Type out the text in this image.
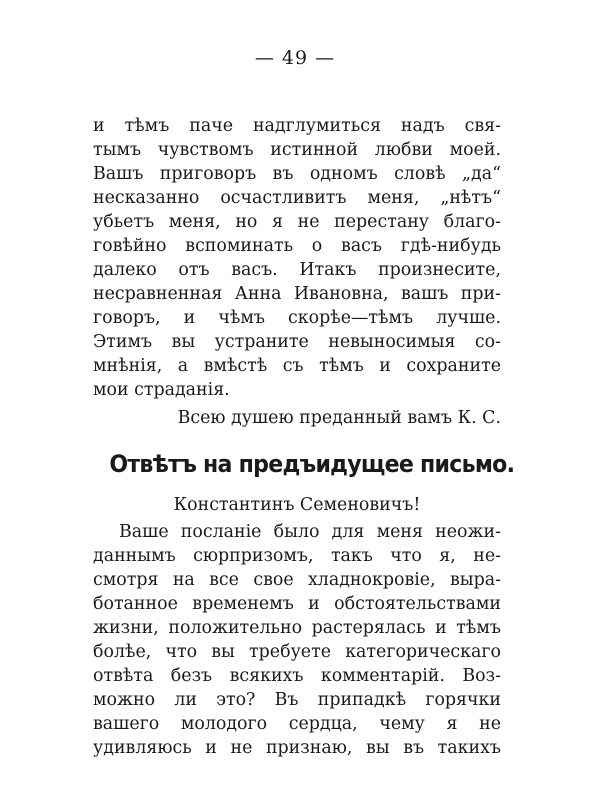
— 49 —
и тѣмъ паче надглумиться надъ свя-
тымъ чувствомъ истинной любви моей.
Вашъ приговоръ въ одномъ словѣ „да“
несказанно осчастливитъ меня, „нѣтъ“
убьетъ меня, но я не перестану благо-
говѣйно вспоминать о васъ гдѣ-нибудь
далеко отъ васъ. Итакъ произнесите,
несравненная Анна Ивановна, вашъ при-
говоръ, и чѣмъ скорѣе—тѣмъ лучше.
Этимъ вы устраните невыносимыя со-
мнѣнія, а вмѣстѣ съ тѣмъ и сохраните
мои страданія.
Всею душею преданный вамъ К. С.
Отвѣтъ на предъидущее письмо.
Константинъ Семеновичъ!
Ваше посланіе было для меня неожи-
даннымъ сюрпризомъ, такъ что я, не-
смотря на все свое хладнокровіе, выра-
ботанное временемъ и обстоятельствами
жизни, положительно растерялась и тѣмъ
болѣе, что вы требуете категорическаго
отвѣта безъ всякихъ комментарій. Воз-
можно ли это? Въ припадкѣ горячки
вашего молодого сердца, чему я не
удивляюсь и не признаю, вы въ такихъ
